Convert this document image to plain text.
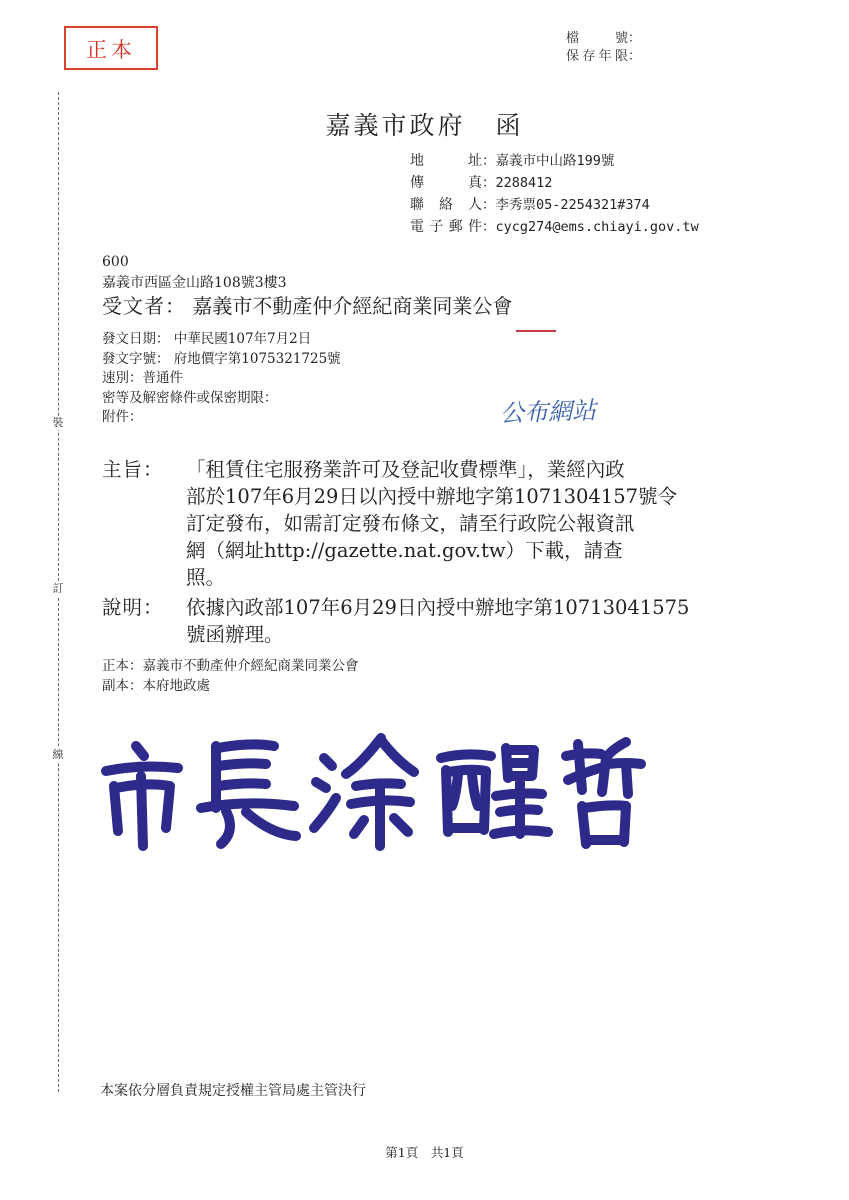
正本	檔號 ：
保存年限 ：
裝
訂
線
嘉義市政府 函
地址 ：嘉義市中山路199號
傳真 ：2288412
聯絡人 ：李秀票05-2254321#374
電子郵件 ：cycg274@ems.chiayi.gov.tw
600
嘉義市西區金山路108號3樓3
受文者： 嘉義市不動產仲介經紀商業同業公會
發文日期： 中華民國107年7月2日
發文字號： 府地價字第1075321725號
速別：普通件
密等及解密條件或保密期限：
附件：	公布網站
主旨：	「租賃住宅服務業許可及登記收費標準」，業經內政
部於107年6月29日以內授中辦地字第1071304157號令
訂定發布，如需訂定發布條文，請至行政院公報資訊
網（網址http://gazette.nat.gov.tw）下載，請查
照。
說明：	依據內政部107年6月29日內授中辦地字第10713041575
號函辦理。
正本：嘉義市不動產仲介經紀商業同業公會
副本：本府地政處
本案依分層負責規定授權主管局處主管決行
第1頁　共1頁
